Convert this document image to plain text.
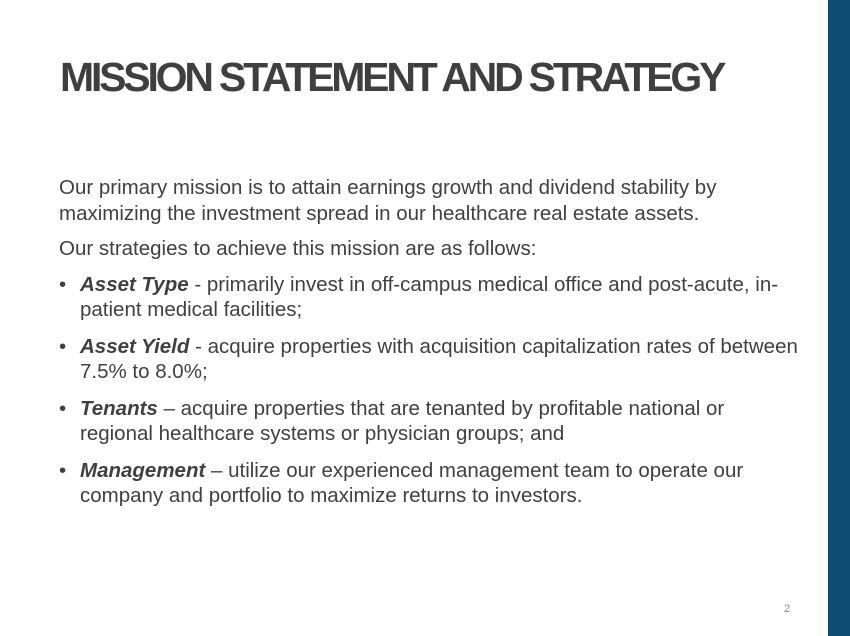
MISSION STATEMENT AND STRATEGY

Our primary mission is to attain earnings growth and dividend stability by maximizing the investment spread in our healthcare real estate assets.

Our strategies to achieve this mission are as follows:

• Asset Type - primarily invest in off-campus medical office and post-acute, in-patient medical facilities;
• Asset Yield - acquire properties with acquisition capitalization rates of between 7.5% to 8.0%;
• Tenants – acquire properties that are tenanted by profitable national or regional healthcare systems or physician groups; and
• Management – utilize our experienced management team to operate our company and portfolio to maximize returns to investors.
2
